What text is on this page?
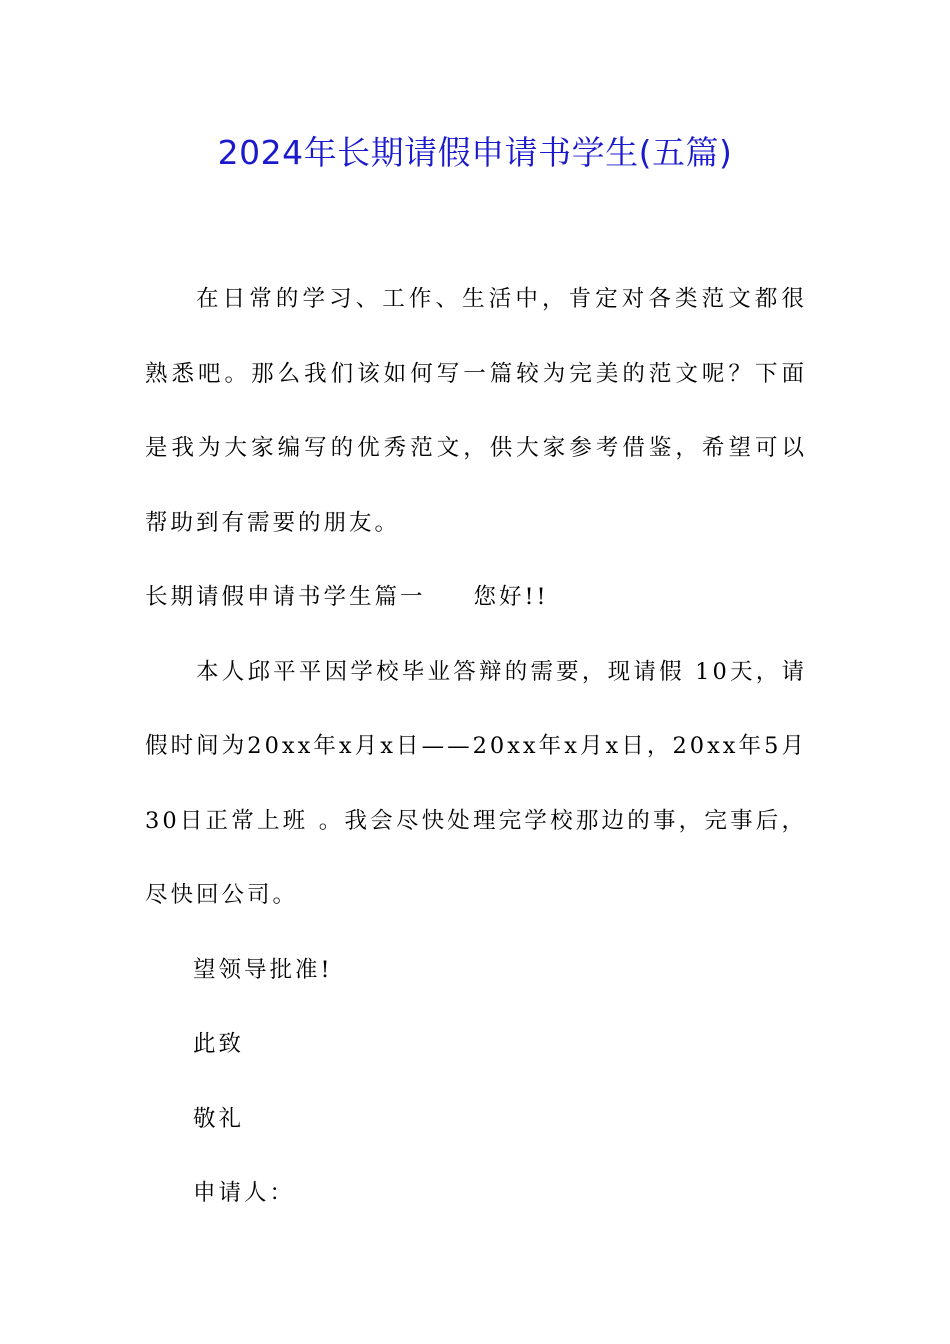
2024年长期请假申请书学生(五篇)

在日常的学习、工作、生活中，肯定对各类范文都很熟悉吧。那么我们该如何写一篇较为完美的范文呢？下面是我为大家编写的优秀范文，供大家参考借鉴，希望可以帮助到有需要的朋友。

长期请假申请书学生篇一 您好!!

本人邱平平因学校毕业答辩的需要，现请假 10天，请假时间为20xx年x月x日——20xx年x月x日，20xx年5月30日正常上班 。我会尽快处理完学校那边的事，完事后，尽快回公司。

望领导批准!

此致

敬礼

申请人：
